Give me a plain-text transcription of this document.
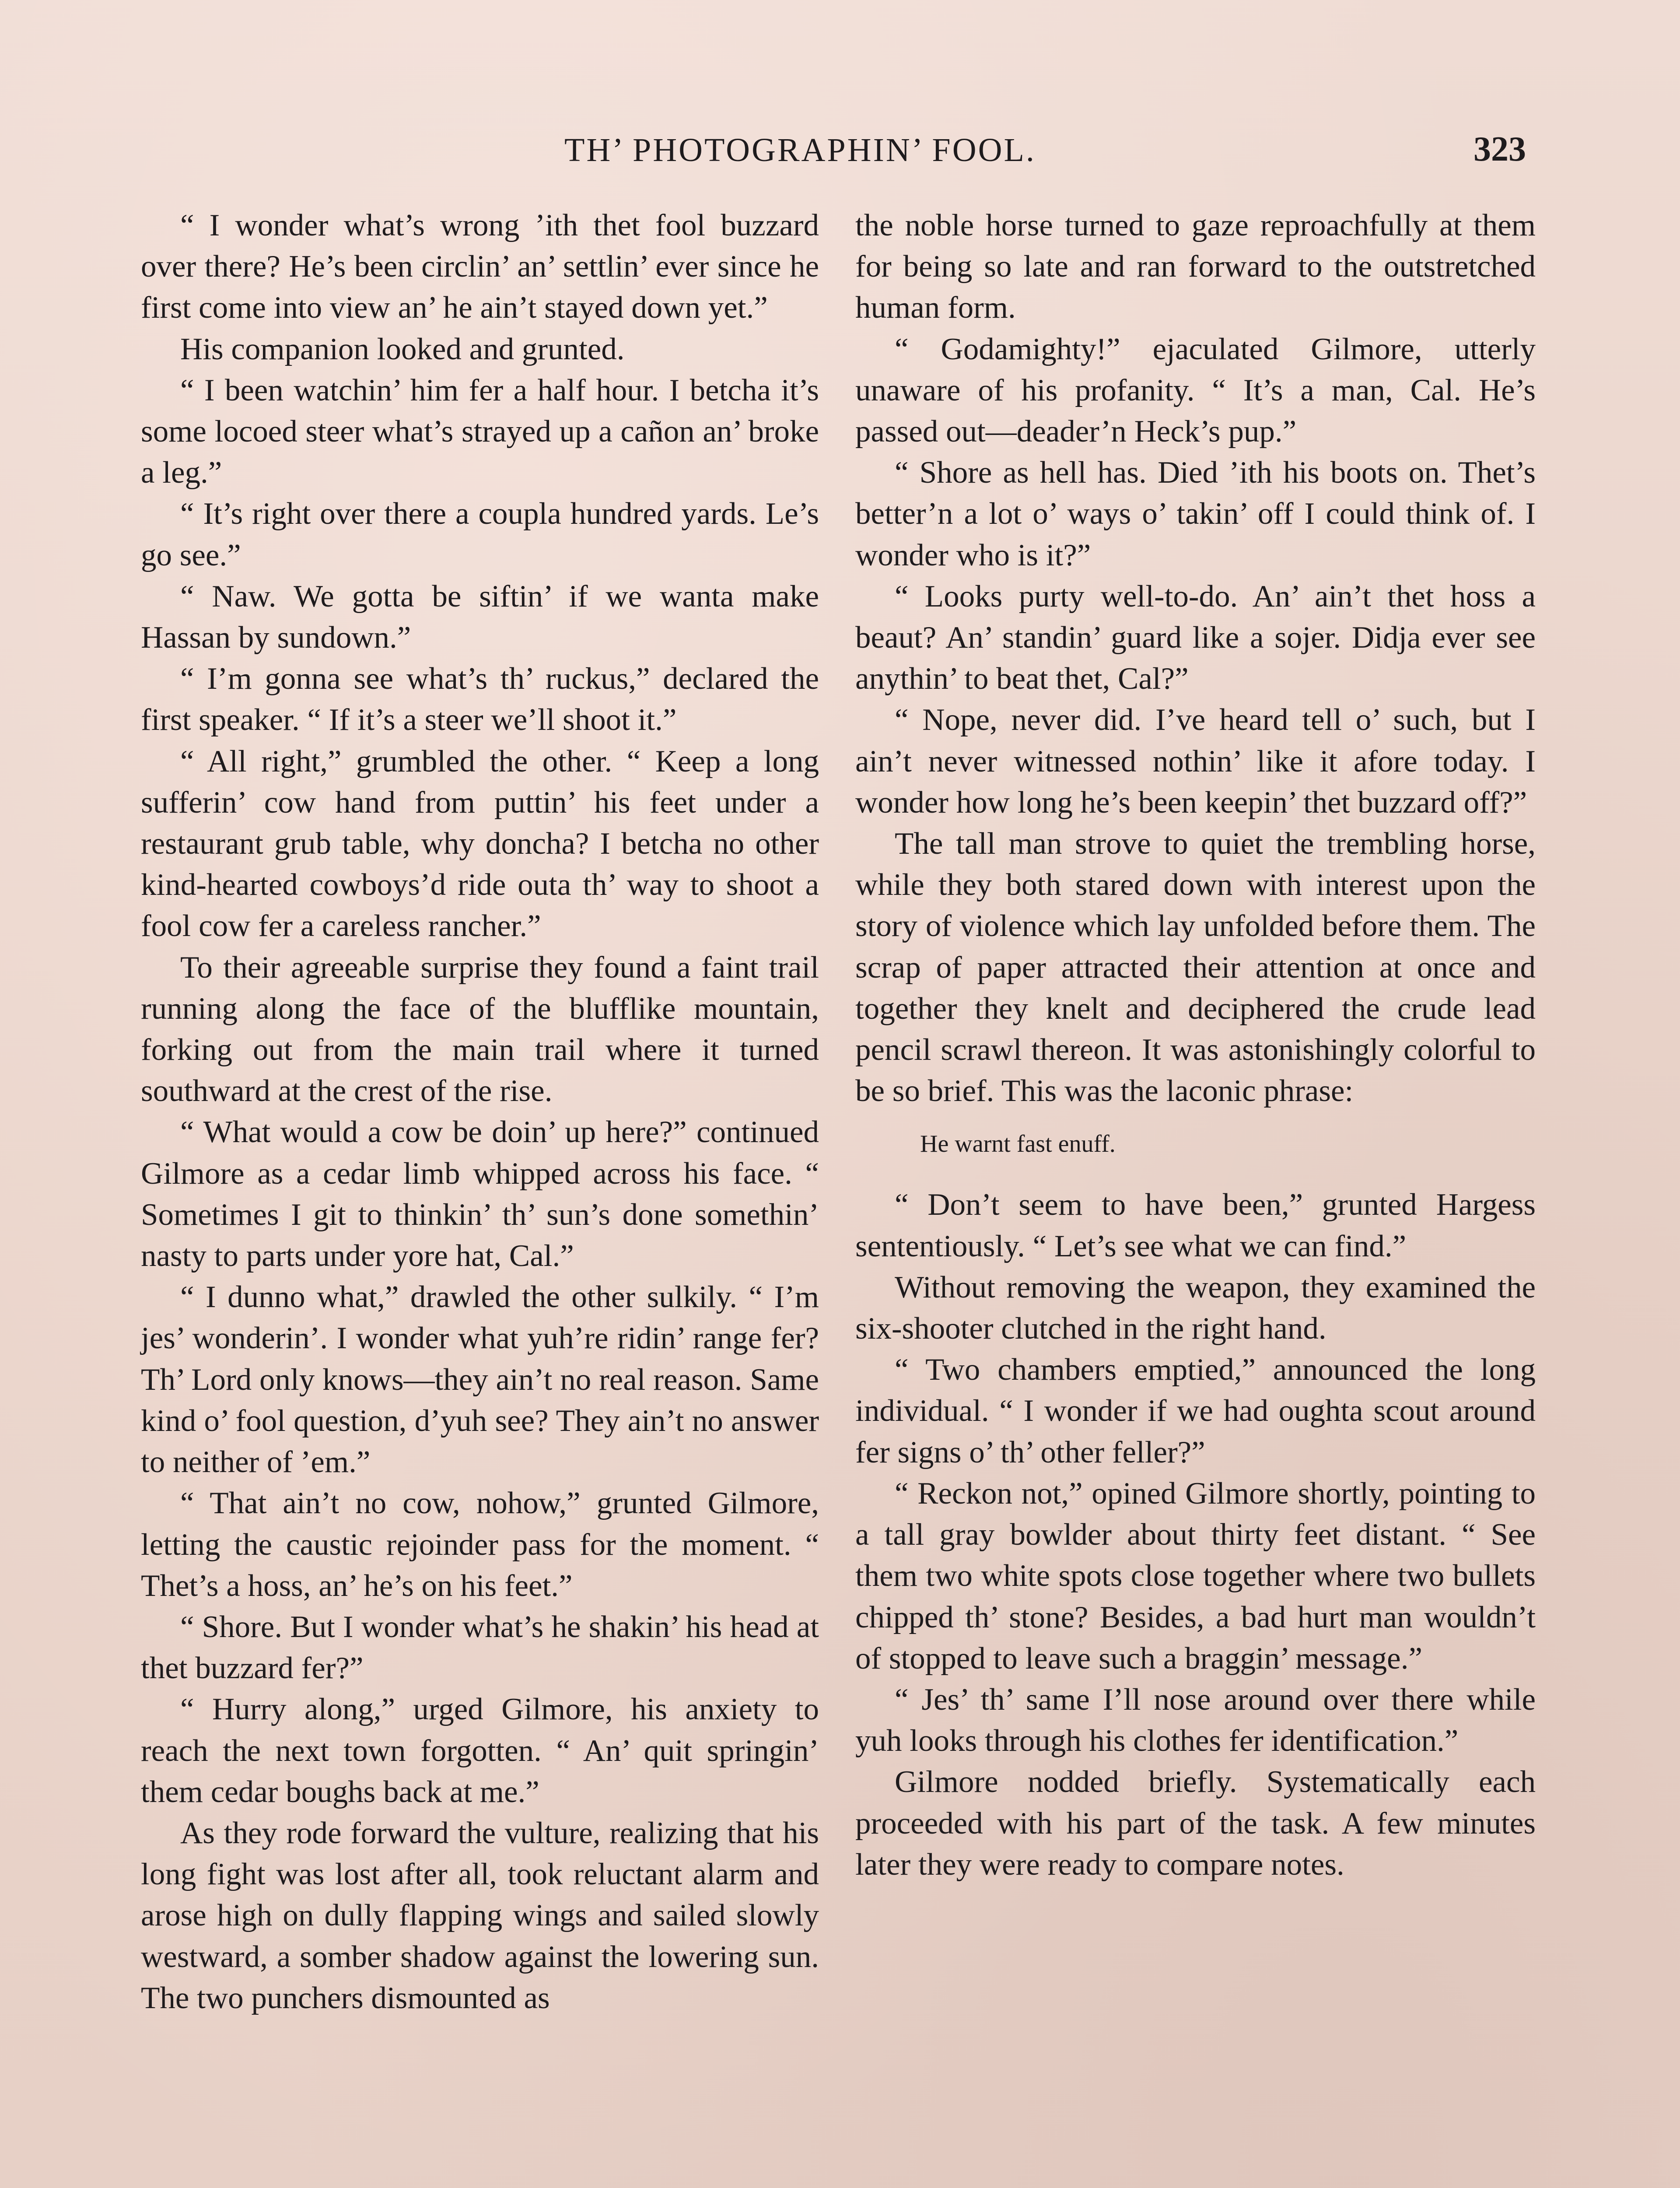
TH’ PHOTOGRAPHIN’ FOOL.	323

“ I wonder what’s wrong ’ith thet fool buzzard over there? He’s been circlin’ an’ settlin’ ever since he first come into view an’ he ain’t stayed down yet.”

His companion looked and grunted.

“ I been watchin’ him fer a half hour. I betcha it’s some locoed steer what’s strayed up a cañon an’ broke a leg.”

“ It’s right over there a coupla hundred yards. Le’s go see.”

“ Naw. We gotta be siftin’ if we wanta make Hassan by sundown.”

“ I’m gonna see what’s th’ ruckus,” declared the first speaker. “ If it’s a steer we’ll shoot it.”

“ All right,” grumbled the other. “ Keep a long sufferin’ cow hand from puttin’ his feet under a restaurant grub table, why doncha? I betcha no other kind-hearted cowboys’d ride outa th’ way to shoot a fool cow fer a careless rancher.”

To their agreeable surprise they found a faint trail running along the face of the blufflike mountain, forking out from the main trail where it turned southward at the crest of the rise.

“ What would a cow be doin’ up here?” continued Gilmore as a cedar limb whipped across his face. “ Sometimes I git to thinkin’ th’ sun’s done somethin’ nasty to parts under yore hat, Cal.”

“ I dunno what,” drawled the other sulkily. “ I’m jes’ wonderin’. I wonder what yuh’re ridin’ range fer? Th’ Lord only knows—they ain’t no real reason. Same kind o’ fool question, d’yuh see? They ain’t no answer to neither of ’em.”

“ That ain’t no cow, nohow,” grunted Gilmore, letting the caustic rejoinder pass for the moment. “ Thet’s a hoss, an’ he’s on his feet.”

“ Shore. But I wonder what’s he shakin’ his head at thet buzzard fer?”

“ Hurry along,” urged Gilmore, his anxiety to reach the next town forgotten. “ An’ quit springin’ them cedar boughs back at me.”

As they rode forward the vulture, realizing that his long fight was lost after all, took reluctant alarm and arose high on dully flapping wings and sailed slowly westward, a somber shadow against the lowering sun. The two punchers dismounted as

the noble horse turned to gaze reproachfully at them for being so late and ran forward to the outstretched human form.

“ Godamighty!” ejaculated Gilmore, utterly unaware of his profanity. “ It’s a man, Cal. He’s passed out—deader’n Heck’s pup.”

“ Shore as hell has. Died ’ith his boots on. Thet’s better’n a lot o’ ways o’ takin’ off I could think of. I wonder who is it?”

“ Looks purty well-to-do. An’ ain’t thet hoss a beaut? An’ standin’ guard like a sojer. Didja ever see anythin’ to beat thet, Cal?”

“ Nope, never did. I’ve heard tell o’ such, but I ain’t never witnessed nothin’ like it afore today. I wonder how long he’s been keepin’ thet buzzard off?”

The tall man strove to quiet the trembling horse, while they both stared down with interest upon the story of violence which lay unfolded before them. The scrap of paper attracted their attention at once and together they knelt and deciphered the crude lead pencil scrawl thereon. It was astonishingly colorful to be so brief. This was the laconic phrase:

He warnt fast enuff.

“ Don’t seem to have been,” grunted Hargess sententiously. “ Let’s see what we can find.”

Without removing the weapon, they examined the six-shooter clutched in the right hand.

“ Two chambers emptied,” announced the long individual. “ I wonder if we had oughta scout around fer signs o’ th’ other feller?”

“ Reckon not,” opined Gilmore shortly, pointing to a tall gray bowlder about thirty feet distant. “ See them two white spots close together where two bullets chipped th’ stone? Besides, a bad hurt man wouldn’t of stopped to leave such a braggin’ message.”

“ Jes’ th’ same I’ll nose around over there while yuh looks through his clothes fer identification.”

Gilmore nodded briefly. Systematically each proceeded with his part of the task. A few minutes later they were ready to compare notes.
